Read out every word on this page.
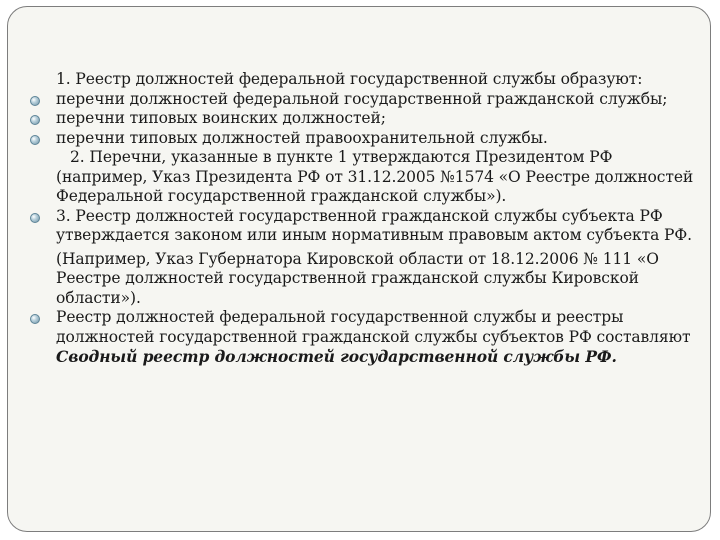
1. Реестр должностей федеральной государственной службы образуют:

перечни должностей федеральной государственной гражданской службы;

перечни типовых воинских должностей;

перечни типовых должностей правоохранительной службы.

2. Перечни, указанные в пункте 1 утверждаются Президентом РФ (например, Указ Президента РФ от 31.12.2005 №1574 «О Реестре должностей Федеральной государственной гражданской службы»).

3. Реестр должностей государственной гражданской службы субъекта РФ утверждается законом или иным нормативным правовым актом субъекта РФ.

(Например, Указ Губернатора Кировской области от 18.12.2006 № 111 «О Реестре должностей государственной гражданской службы Кировской области»).

Реестр должностей федеральной государственной службы и реестры должностей государственной гражданской службы субъектов РФ составляют Сводный реестр должностей государственной службы РФ.
